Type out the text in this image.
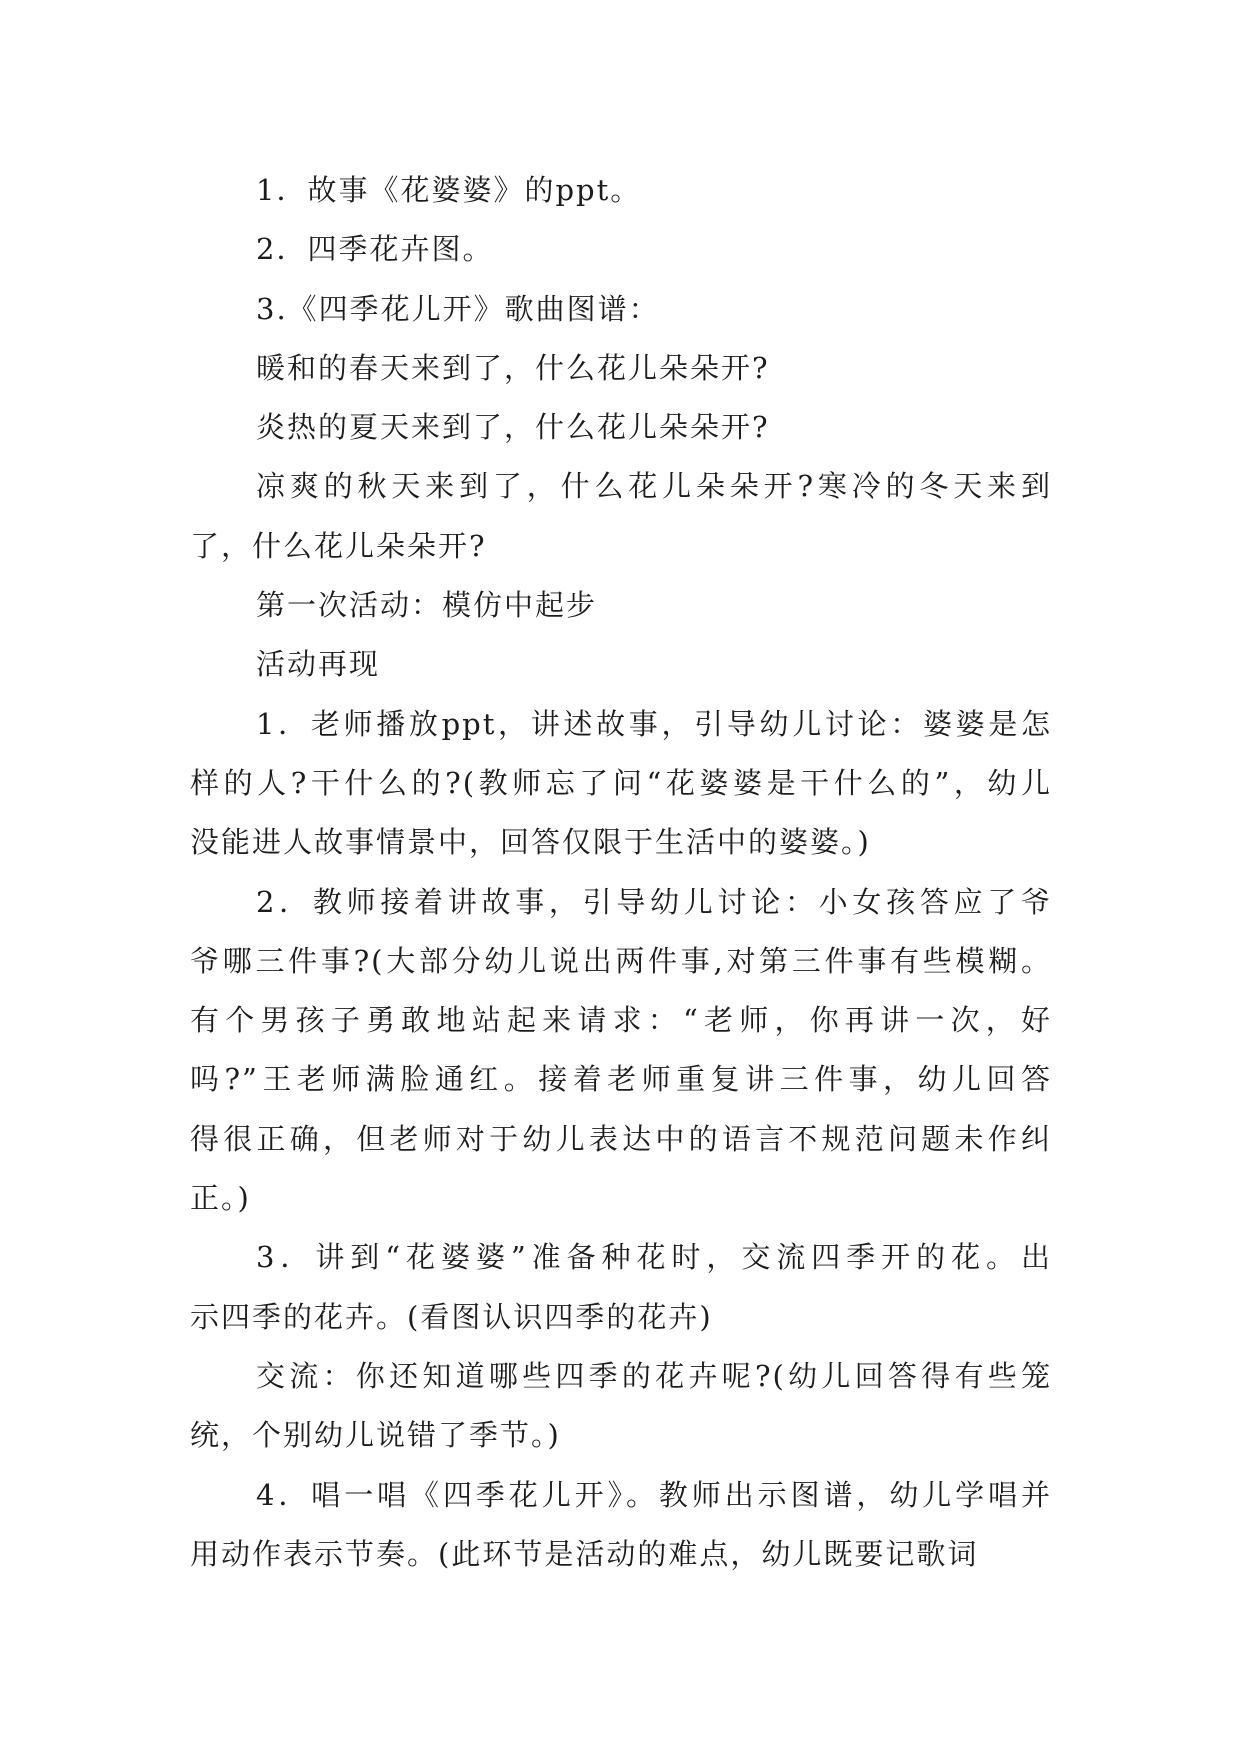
1．故事《花婆婆》的ppt。
2．四季花卉图。
3.《四季花儿开》歌曲图谱：
暖和的春天来到了，什么花儿朵朵开?
炎热的夏天来到了，什么花儿朵朵开?
凉爽的秋天来到了，什么花儿朵朵开?寒冷的冬天来到
了，什么花儿朵朵开?
第一次活动：模仿中起步
活动再现
1．老师播放ppt，讲述故事，引导幼儿讨论：婆婆是怎
样的人?干什么的?(教师忘了问“花婆婆是干什么的”，幼儿
没能进人故事情景中，回答仅限于生活中的婆婆。)
2．教师接着讲故事，引导幼儿讨论：小女孩答应了爷
爷哪三件事?(大部分幼儿说出两件事,对第三件事有些模糊。
有个男孩子勇敢地站起来请求：“老师，你再讲一次，好
吗?”王老师满脸通红。接着老师重复讲三件事，幼儿回答
得很正确，但老师对于幼儿表达中的语言不规范问题未作纠
正。)
3．讲到“花婆婆”准备种花时，交流四季开的花。出
示四季的花卉。(看图认识四季的花卉)
交流：你还知道哪些四季的花卉呢?(幼儿回答得有些笼
统，个别幼儿说错了季节。)
4．唱一唱《四季花儿开》。教师出示图谱，幼儿学唱并
用动作表示节奏。(此环节是活动的难点，幼儿既要记歌词
